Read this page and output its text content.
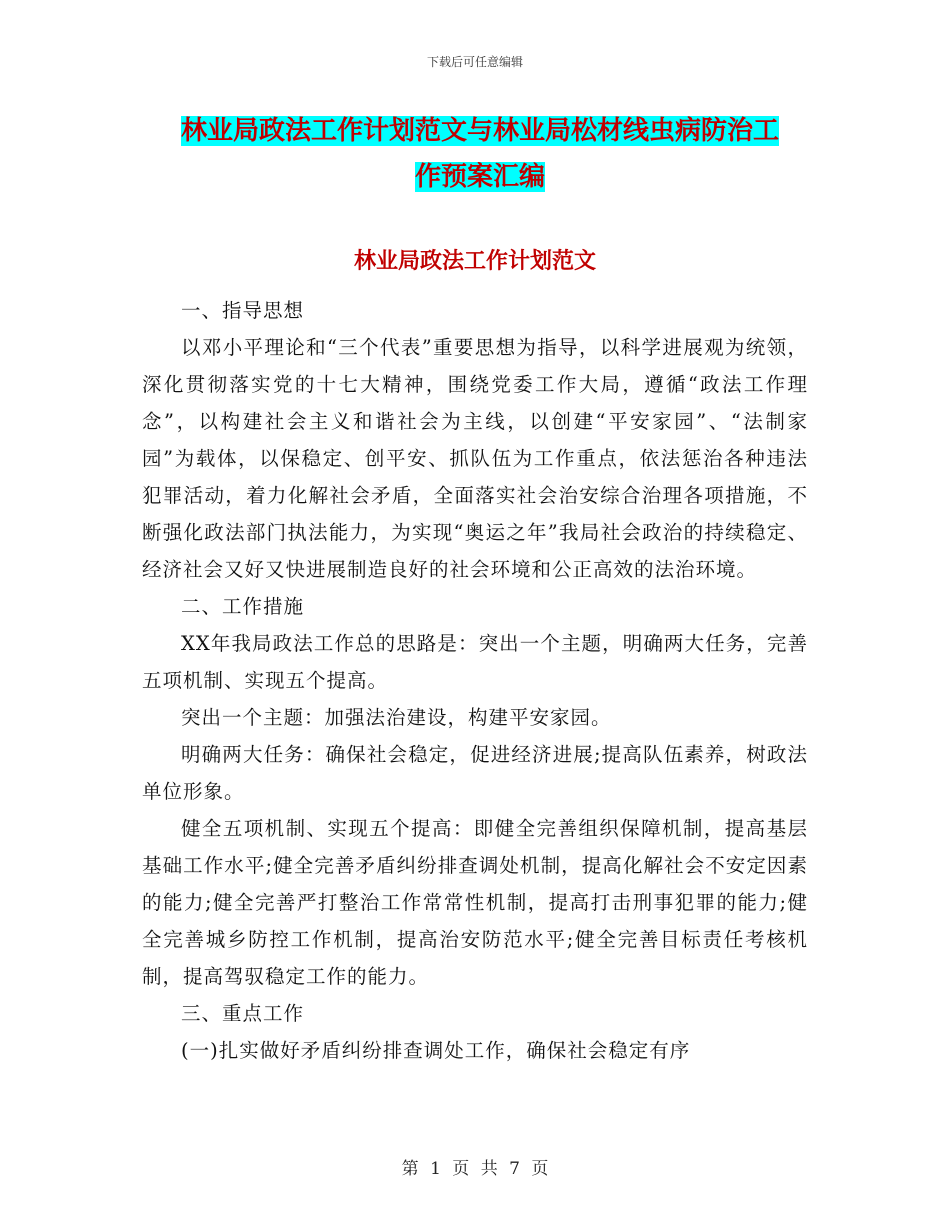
下载后可任意编辑
林业局政法工作计划范文与林业局松材线虫病防治工
作预案汇编
林业局政法工作计划范文

一、指导思想

以邓小平理论和“三个代表”重要思想为指导，以科学进展观为统领，深化贯彻落实党的十七大精神，围绕党委工作大局，遵循“政法工作理念”，以构建社会主义和谐社会为主线，以创建“平安家园”、“法制家园”为载体，以保稳定、创平安、抓队伍为工作重点，依法惩治各种违法犯罪活动，着力化解社会矛盾，全面落实社会治安综合治理各项措施，不断强化政法部门执法能力，为实现“奥运之年”我局社会政治的持续稳定、经济社会又好又快进展制造良好的社会环境和公正高效的法治环境。

二、工作措施

XX年我局政法工作总的思路是：突出一个主题，明确两大任务，完善五项机制、实现五个提高。

突出一个主题：加强法治建设，构建平安家园。

明确两大任务：确保社会稳定，促进经济进展;提高队伍素养，树政法单位形象。

健全五项机制、实现五个提高：即健全完善组织保障机制，提高基层基础工作水平;健全完善矛盾纠纷排查调处机制，提高化解社会不安定因素的能力;健全完善严打整治工作常常性机制，提高打击刑事犯罪的能力;健全完善城乡防控工作机制，提高治安防范水平;健全完善目标责任考核机制，提高驾驭稳定工作的能力。

三、重点工作

(一)扎实做好矛盾纠纷排查调处工作，确保社会稳定有序

第 1 页 共 7 页
